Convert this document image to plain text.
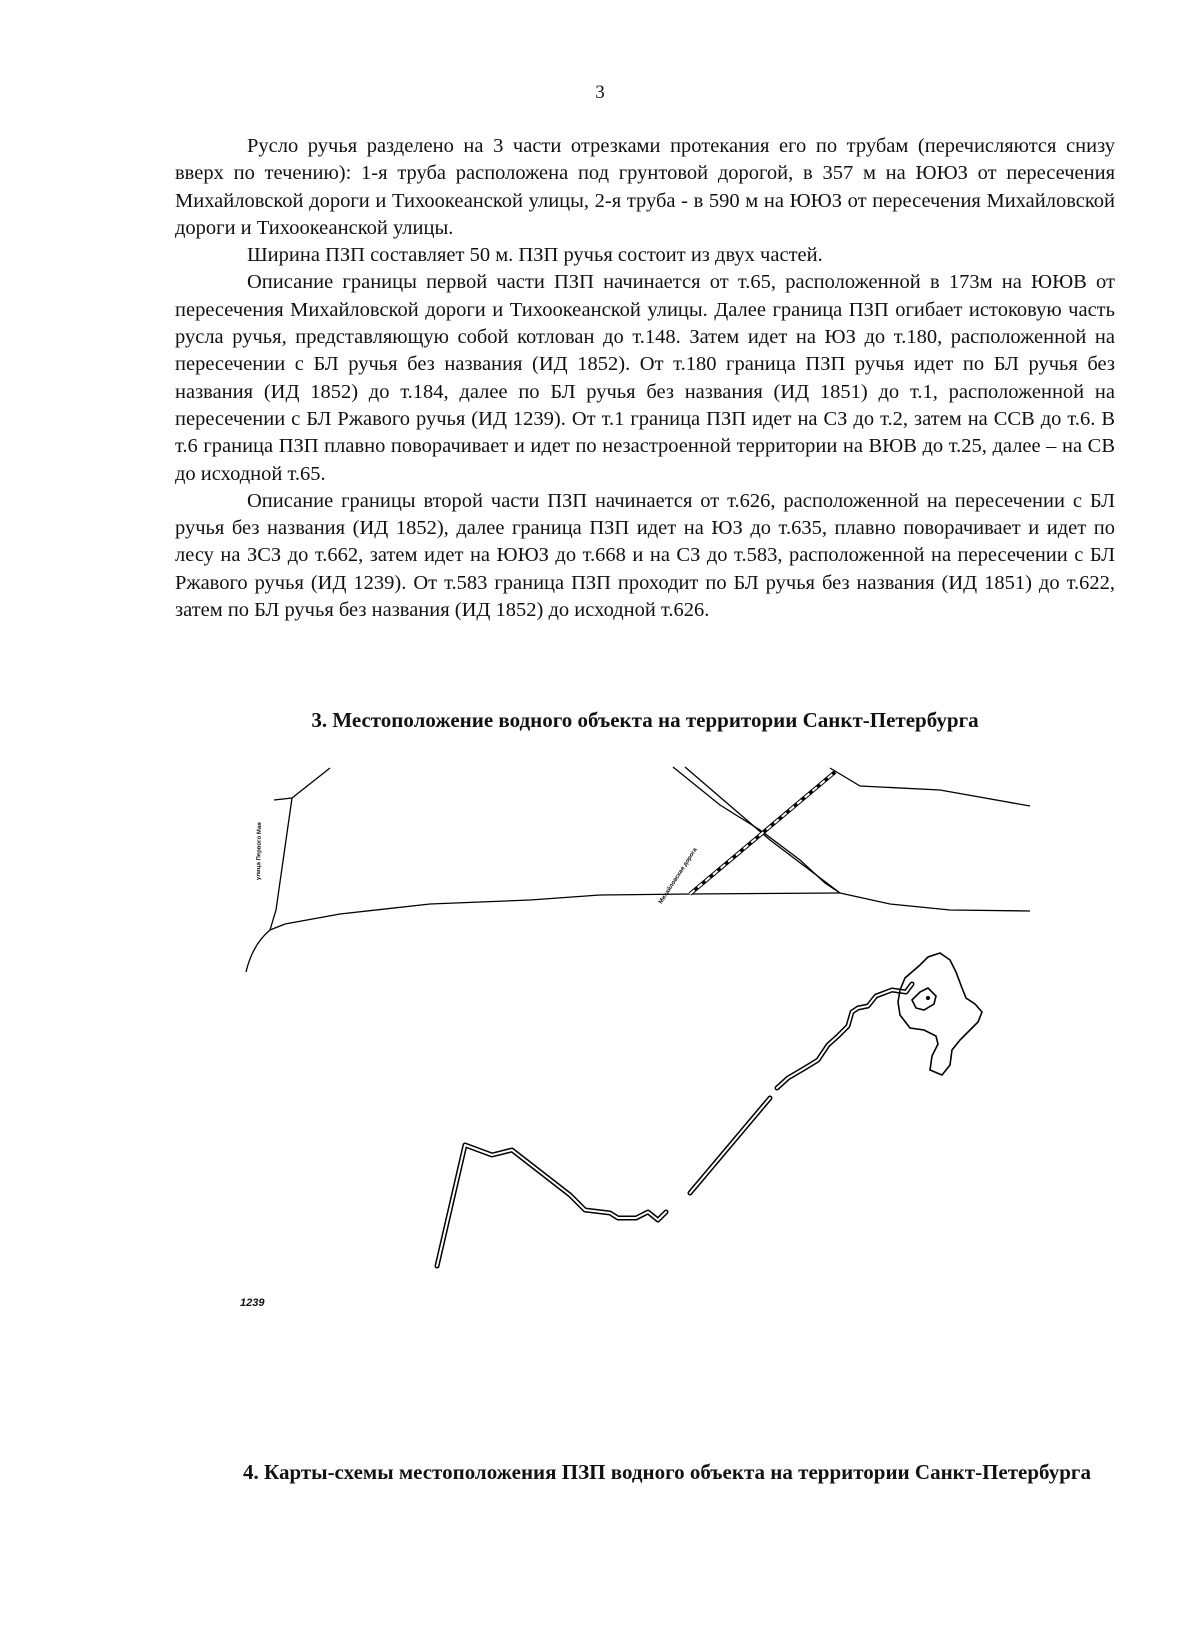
3

Русло ручья разделено на 3 части отрезками протекания его по трубам (перечисляются снизу вверх по течению): 1-я труба расположена под грунтовой дорогой, в 357 м на ЮЮЗ от пересечения Михайловской дороги и Тихоокеанской улицы, 2-я труба - в 590 м на ЮЮЗ от пересечения Михайловской дороги и Тихоокеанской улицы.

Ширина ПЗП составляет 50 м. ПЗП ручья состоит из двух частей.

Описание границы первой части ПЗП начинается от т.65, расположенной в 173м на ЮЮВ от пересечения Михайловской дороги и Тихоокеанской улицы. Далее граница ПЗП огибает истоковую часть русла ручья, представляющую собой котлован до т.148. Затем идет на ЮЗ до т.180, расположенной на пересечении с БЛ ручья без названия (ИД 1852). От т.180 граница ПЗП ручья идет по БЛ ручья без названия (ИД 1852) до т.184, далее по БЛ ручья без названия (ИД 1851) до т.1, расположенной на пересечении с БЛ Ржавого ручья (ИД 1239). От т.1 граница ПЗП идет на СЗ до т.2, затем на ССВ до т.6. В т.6 граница ПЗП плавно поворачивает и идет по незастроенной территории на ВЮВ до т.25, далее – на СВ до исходной т.65.

Описание границы второй части ПЗП начинается от т.626, расположенной на пересечении с БЛ ручья без названия (ИД 1852), далее граница ПЗП идет на ЮЗ до т.635, плавно поворачивает и идет по лесу на ЗСЗ до т.662, затем идет на ЮЮЗ до т.668 и на СЗ до т.583, расположенной на пересечении с БЛ Ржавого ручья (ИД 1239). От т.583 граница ПЗП проходит по БЛ ручья без названия (ИД 1851) до т.622, затем по БЛ ручья без названия (ИД 1852) до исходной т.626.

3. Местоположение водного объекта на территории Санкт-Петербурга
улица Первого Мая	Михайловская дорога
1239
4. Карты-схемы местоположения ПЗП водного объекта на территории Санкт-Петербурга
